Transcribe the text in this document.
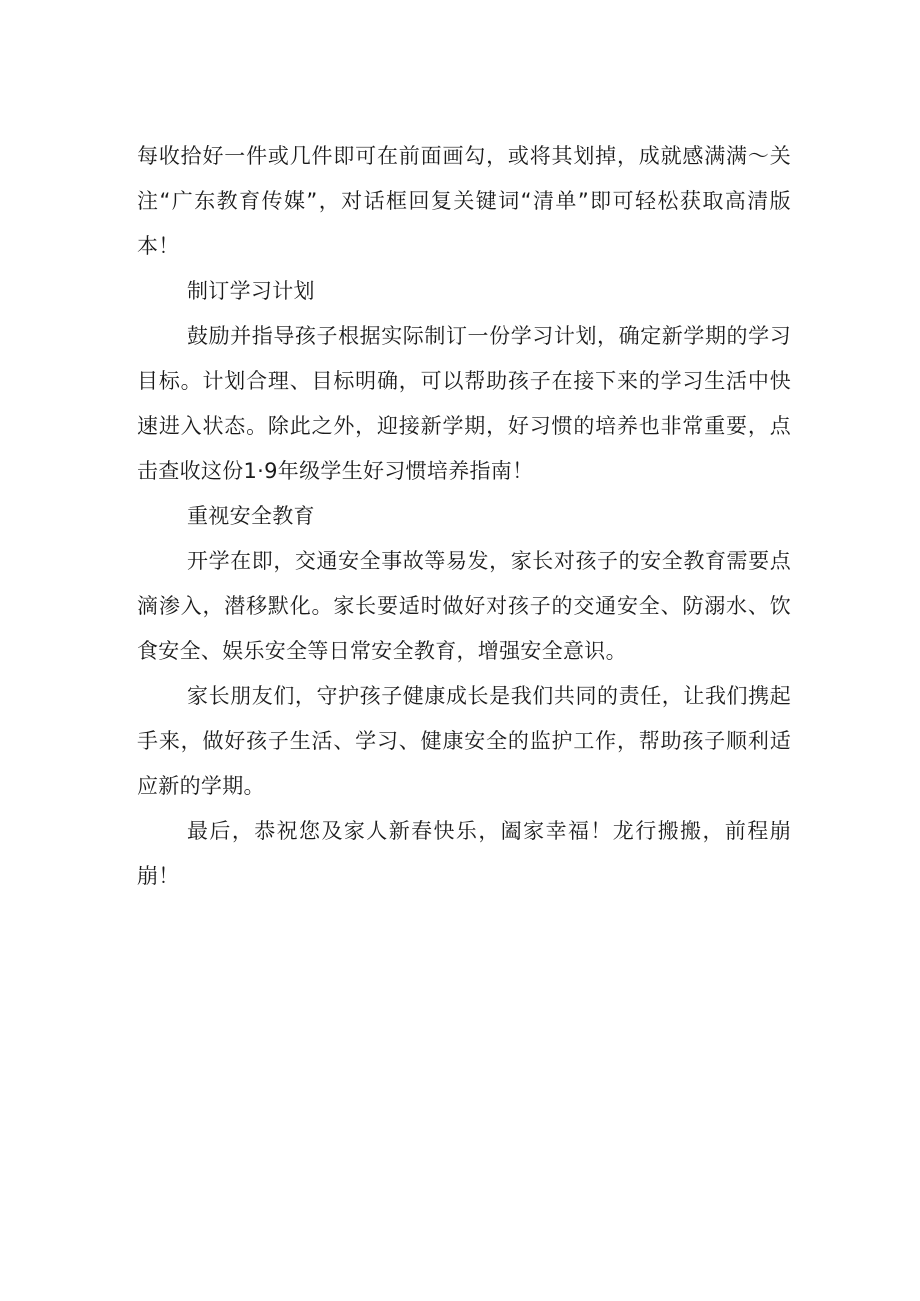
每收拾好一件或几件即可在前面画勾，或将其划掉，成就感满满～关注“广东教育传媒”，对话框回复关键词“清单”即可轻松获取高清版本！

制订学习计划

鼓励并指导孩子根据实际制订一份学习计划，确定新学期的学习目标。计划合理、目标明确，可以帮助孩子在接下来的学习生活中快速进入状态。除此之外，迎接新学期，好习惯的培养也非常重要，点击查收这份1·9年级学生好习惯培养指南！

重视安全教育

开学在即，交通安全事故等易发，家长对孩子的安全教育需要点滴渗入，潜移默化。家长要适时做好对孩子的交通安全、防溺水、饮食安全、娱乐安全等日常安全教育，增强安全意识。

家长朋友们，守护孩子健康成长是我们共同的责任，让我们携起手来，做好孩子生活、学习、健康安全的监护工作，帮助孩子顺利适应新的学期。

最后，恭祝您及家人新春快乐，阖家幸福！龙行搬搬，前程崩崩！
